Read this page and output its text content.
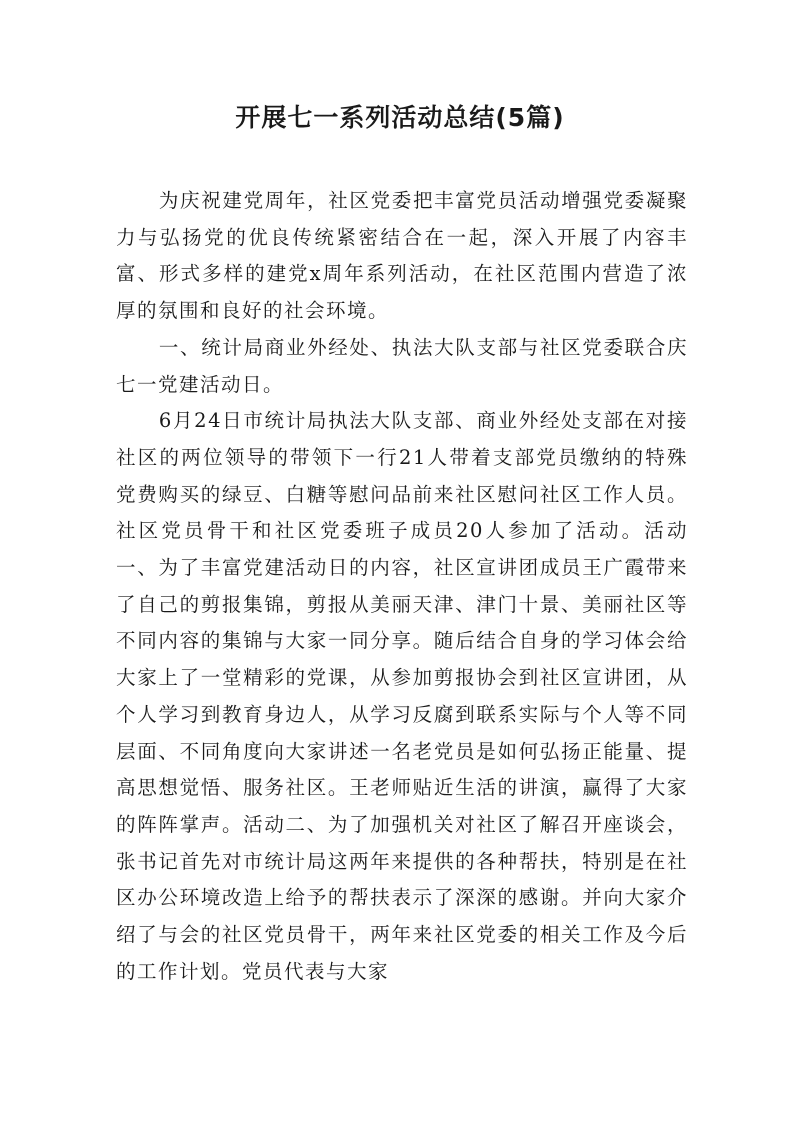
开展七一系列活动总结(5篇)

为庆祝建党周年，社区党委把丰富党员活动增强党委凝聚力与弘扬党的优良传统紧密结合在一起，深入开展了内容丰富、形式多样的建党x周年系列活动，在社区范围内营造了浓厚的氛围和良好的社会环境。

一、统计局商业外经处、执法大队支部与社区党委联合庆七一党建活动日。

6月24日市统计局执法大队支部、商业外经处支部在对接社区的两位领导的带领下一行21人带着支部党员缴纳的特殊党费购买的绿豆、白糖等慰问品前来社区慰问社区工作人员。社区党员骨干和社区党委班子成员20人参加了活动。活动一、为了丰富党建活动日的内容，社区宣讲团成员王广霞带来了自己的剪报集锦，剪报从美丽天津、津门十景、美丽社区等不同内容的集锦与大家一同分享。随后结合自身的学习体会给大家上了一堂精彩的党课，从参加剪报协会到社区宣讲团，从个人学习到教育身边人，从学习反腐到联系实际与个人等不同层面、不同角度向大家讲述一名老党员是如何弘扬正能量、提高思想觉悟、服务社区。王老师贴近生活的讲演，赢得了大家的阵阵掌声。活动二、为了加强机关对社区了解召开座谈会，张书记首先对市统计局这两年来提供的各种帮扶，特别是在社区办公环境改造上给予的帮扶表示了深深的感谢。并向大家介绍了与会的社区党员骨干，两年来社区党委的相关工作及今后的工作计划。党员代表与大家
